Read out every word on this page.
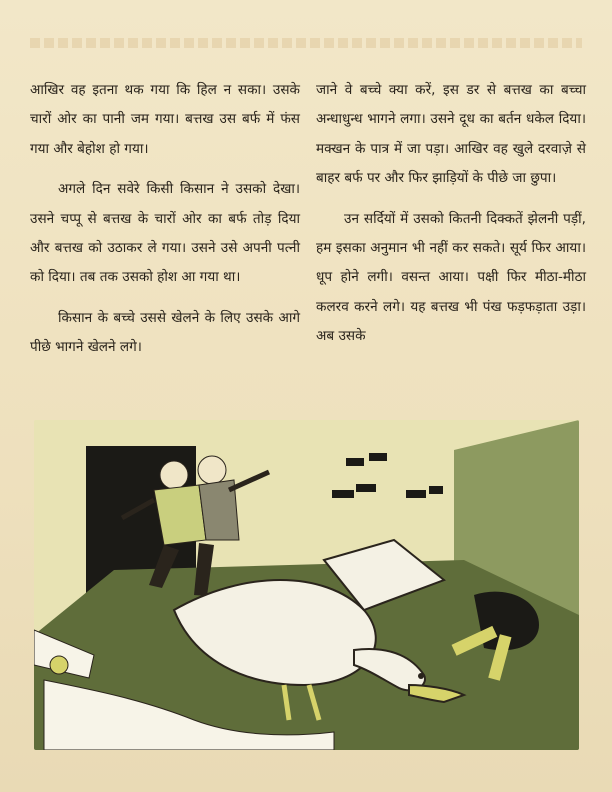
आखिर वह इतना थक गया कि हिल न सका। उसके चारों ओर का पानी जम गया। बत्तख उस बर्फ में फंस गया और बेहोश हो गया।

अगले दिन सवेरे किसी किसान ने उसको देखा। उसने चप्पू से बत्तख के चारों ओर का बर्फ तोड़ दिया और बत्तख को उठाकर ले गया। उसने उसे अपनी पत्नी को दिया। तब तक उसको होश आ गया था।

किसान के बच्चे उससे खेलने के लिए उसके आगे पीछे भागने खेलने लगे।

जाने वे बच्चे क्या करें, इस डर से बत्तख का बच्चा अन्धाधुन्ध भागने लगा। उसने दूध का बर्तन धकेल दिया। मक्खन के पात्र में जा पड़ा। आखिर वह खुले दरवाज़े से बाहर बर्फ पर और फिर झाड़ियों के पीछे जा छुपा।

उन सर्दियों में उसको कितनी दिक्कतें झेलनी पड़ीं, हम इसका अनुमान भी नहीं कर सकते। सूर्य फिर आया। धूप होने लगी। वसन्त आया। पक्षी फिर मीठा-मीठा कलरव करने लगे। यह बत्तख भी पंख फड़फड़ाता उड़ा। अब उसके
